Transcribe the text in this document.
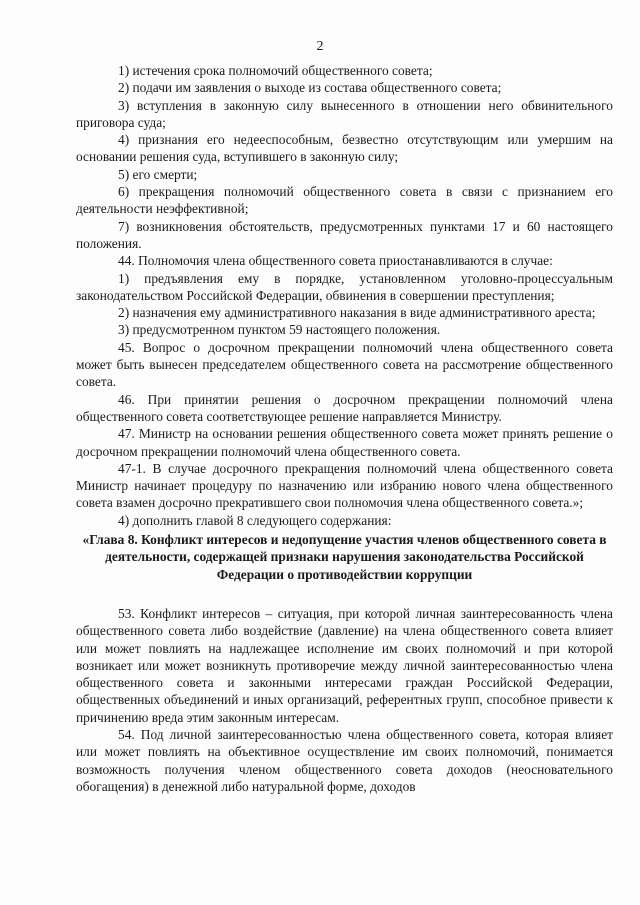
2

1) истечения срока полномочий общественного совета;

2) подачи им заявления о выходе из состава общественного совета;

3) вступления в законную силу вынесенного в отношении него обвинительного приговора суда;

4) признания его недееспособным, безвестно отсутствующим или умершим на основании решения суда, вступившего в законную силу;

5) его смерти;

6) прекращения полномочий общественного совета в связи с признанием его деятельности неэффективной;

7) возникновения обстоятельств, предусмотренных пунктами 17 и 60 настоящего положения.

44. Полномочия члена общественного совета приостанавливаются в случае:

1) предъявления ему в порядке, установленном уголовно-процессуальным законодательством Российской Федерации, обвинения в совершении преступления;

2) назначения ему административного наказания в виде административного ареста;

3) предусмотренном пунктом 59 настоящего положения.

45. Вопрос о досрочном прекращении полномочий члена общественного совета может быть вынесен председателем общественного совета на рассмотрение общественного совета.

46. При принятии решения о досрочном прекращении полномочий члена общественного совета соответствующее решение направляется Министру.

47. Министр на основании решения общественного совета может принять решение о досрочном прекращении полномочий члена общественного совета.

47-1. В случае досрочного прекращения полномочий члена общественного совета Министр начинает процедуру по назначению или избранию нового члена общественного совета взамен досрочно прекратившего свои полномочия члена общественного совета.»;

4) дополнить главой 8 следующего содержания:

«Глава 8. Конфликт интересов и недопущение участия членов общественного совета в деятельности, содержащей признаки нарушения законодательства Российской Федерации о противодействии коррупции

53. Конфликт интересов – ситуация, при которой личная заинтересованность члена общественного совета либо воздействие (давление) на члена общественного совета влияет или может повлиять на надлежащее исполнение им своих полномочий и при которой возникает или может возникнуть противоречие между личной заинтересованностью члена общественного совета и законными интересами граждан Российской Федерации, общественных объединений и иных организаций, референтных групп, способное привести к причинению вреда этим законным интересам.

54. Под личной заинтересованностью члена общественного совета, которая влияет или может повлиять на объективное осуществление им своих полномочий, понимается возможность получения членом общественного совета доходов (неосновательного обогащения) в денежной либо натуральной форме, доходов
